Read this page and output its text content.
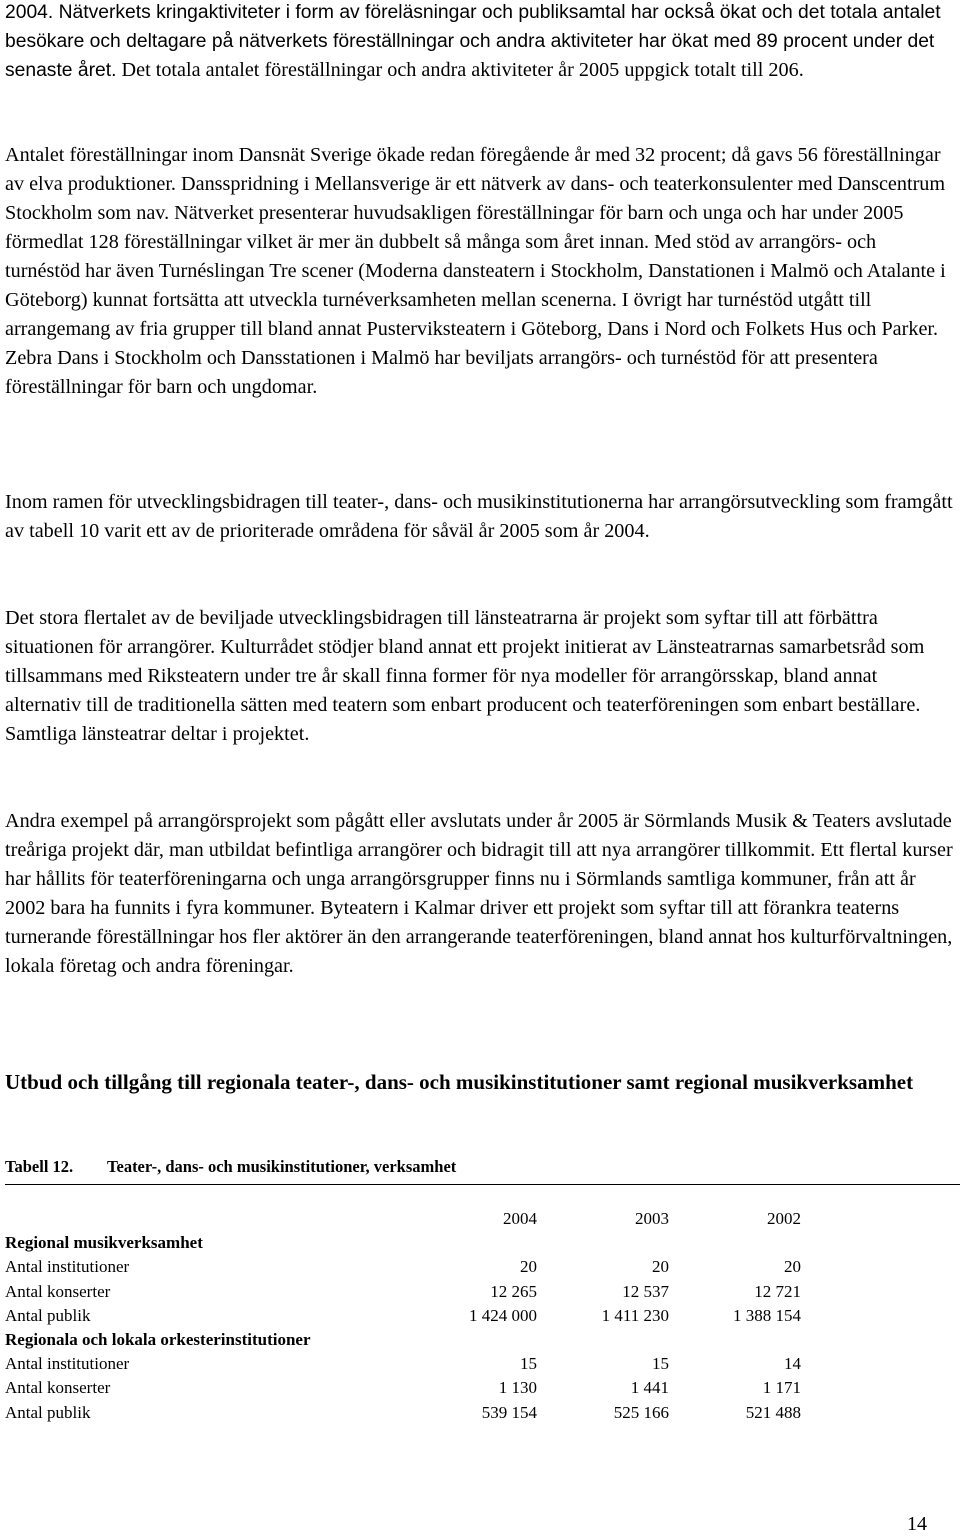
2004. Nätverkets kringaktiviteter i form av föreläsningar och publiksamtal har också ökat och det totala antalet besökare och deltagare på nätverkets föreställningar och andra aktiviteter har ökat med 89 procent under det senaste året. Det totala antalet föreställningar och andra aktiviteter år 2005 uppgick totalt till 206.

Antalet föreställningar inom Dansnät Sverige ökade redan föregående år med 32 procent; då gavs 56 föreställningar av elva produktioner. Dansspridning i Mellansverige är ett nätverk av dans- och teaterkonsulenter med Danscentrum Stockholm som nav. Nätverket presenterar huvudsakligen föreställningar för barn och unga och har under 2005 förmedlat 128 föreställningar vilket är mer än dubbelt så många som året innan. Med stöd av arrangörs- och turnéstöd har även Turnéslingan Tre scener (Moderna dansteatern i Stockholm, Danstationen i Malmö och Atalante i Göteborg) kunnat fortsätta att utveckla turnéverksamheten mellan scenerna. I övrigt har turnéstöd utgått till arrangemang av fria grupper till bland annat Pusterviksteatern i Göteborg, Dans i Nord och Folkets Hus och Parker. Zebra Dans i Stockholm och Dansstationen i Malmö har beviljats arrangörs- och turnéstöd för att presentera föreställningar för barn och ungdomar.

Inom ramen för utvecklingsbidragen till teater-, dans- och musikinstitutionerna har arrangörsutveckling som framgått av tabell 10 varit ett av de prioriterade områdena för såväl år 2005 som år 2004.

Det stora flertalet av de beviljade utvecklingsbidragen till länsteatrarna är projekt som syftar till att förbättra situationen för arrangörer. Kulturrådet stödjer bland annat ett projekt initierat av Länsteatrarnas samarbetsråd som tillsammans med Riksteatern under tre år skall finna former för nya modeller för arrangörsskap, bland annat alternativ till de traditionella sätten med teatern som enbart producent och teaterföreningen som enbart beställare. Samtliga länsteatrar deltar i projektet.

Andra exempel på arrangörsprojekt som pågått eller avslutats under år 2005 är Sörmlands Musik & Teaters avslutade treåriga projekt där, man utbildat befintliga arrangörer och bidragit till att nya arrangörer tillkommit. Ett flertal kurser har hållits för teaterföreningarna och unga arrangörsgrupper finns nu i Sörmlands samtliga kommuner, från att år 2002 bara ha funnits i fyra kommuner. Byteatern i Kalmar driver ett projekt som syftar till att förankra teaterns turnerande föreställningar hos fler aktörer än den arrangerande teaterföreningen, bland annat hos kulturförvaltningen, lokala företag och andra föreningar.

Utbud och tillgång till regionala teater-, dans- och musikinstitutioner samt regional musikverksamhet
Tabell 12. Teater-, dans- och musikinstitutioner, verksamhet
	2004	2003	2002
Regional musikverksamhet			
Antal institutioner	20	20	20
Antal konserter	12 265	12 537	12 721
Antal publik	1 424 000	1 411 230	1 388 154
Regionala och lokala orkesterinstitutioner			
Antal institutioner	15	15	14
Antal konserter	1 130	1 441	1 171
Antal publik	539 154	525 166	521 488
14
